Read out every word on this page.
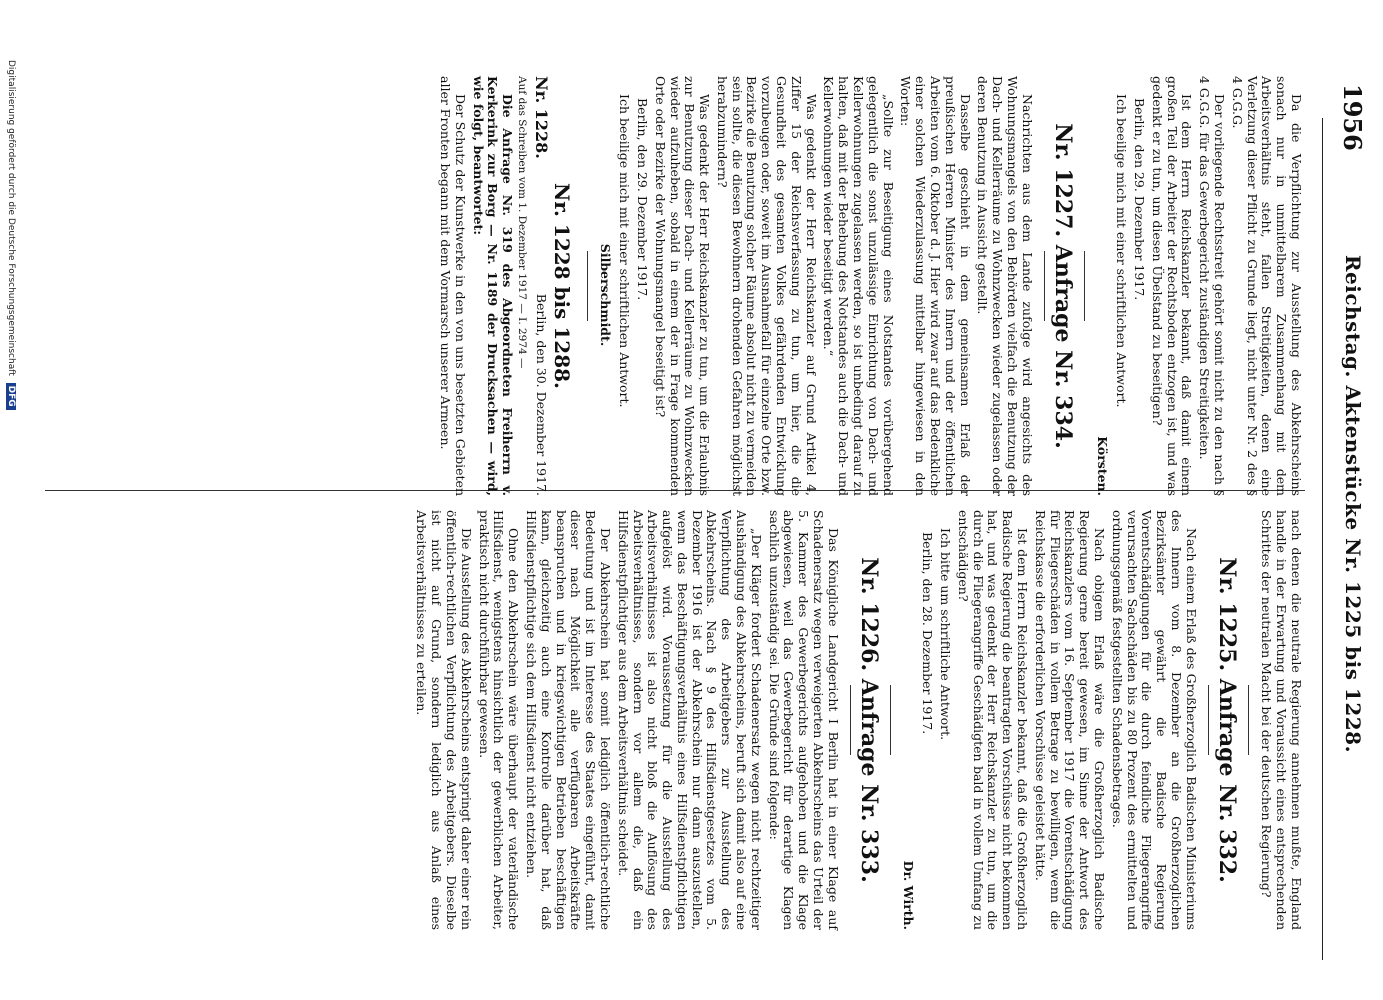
1956
Reichstag. Aktenstücke Nr. 1225 bis 1228.

Da die Verpflichtung zur Ausstellung des Abkehrscheins sonach nur in unmittelbarem Zusammenhang mit dem Arbeitsverhältnis steht, fallen Streitigkeiten, denen eine Verletzung dieser Pflicht zu Grunde liegt, nicht unter Nr. 2 des § 4 G.G.G.

Der vorliegende Rechtsstreit gehört somit nicht zu den nach § 4 G.G.G. für das Gewerbegericht zuständigen Streitigkeiten.

Ist dem Herrn Reichskanzler bekannt, daß damit einem großen Teil der Arbeiter der Rechtsboden entzogen ist, und was gedenkt er zu tun, um diesen Übelstand zu beseitigen?

Berlin, den 29. Dezember 1917.

Ich beeilige mich mit einer schriftlichen Antwort.

Körsten.

Nr. 1227. Anfrage Nr. 334.

Nachrichten aus dem Lande zufolge wird angesichts des Wohnungsmangels von den Behörden vielfach die Benutzung der Dach- und Kellerräume zu Wohnzwecken wieder zugelassen oder deren Benutzung in Aussicht gestellt.

Dasselbe geschieht in dem gemeinsamen Erlaß der preußischen Herren Minister des Innern und der öffentlichen Arbeiten vom 6. Oktober d. J. Hier wird zwar auf das Bedenkliche einer solchen Wiederzulassung mittelbar hingewiesen in den Worten:

„Sollte zur Beseitigung eines Notstandes vorübergehend gelegentlich die sonst unzulässige Einrichtung von Dach- und Kellerwohnungen zugelassen werden, so ist unbedingt darauf zu halten, daß mit der Behebung des Notstandes auch die Dach- und Kellerwohnungen wieder beseitigt werden.“

Was gedenkt der Herr Reichskanzler auf Grund Artikel 4, Ziffer 15 der Reichsverfassung zu tun, um hier, die die Gesundheit des gesamten Volkes gefährdenden Entwicklung vorzubeugen oder, soweit im Ausnahmefall für einzelne Orte bzw. Bezirke die Benutzung solcher Räume absolut nicht zu vermeiden sein sollte, die diesen Bewohnern drohenden Gefahren möglichst herabzumindern?

Was gedenkt der Herr Reichskanzler zu tun, um die Erlaubnis zur Benutzung dieser Dach- und Kellerräume zu Wohnzwecken wieder aufzuheben, sobald in einem der in Frage kommenden Orte oder Bezirke der Wohnungsmangel beseitigt ist?

Berlin, den 29. Dezember 1917.

Ich beeilige mich mit einer schriftlichen Antwort.

Silberschmidt.

Nr. 1228 bis 1288.

Nr. 1228.
Berlin, den 30. Dezember 1917.

Auf das Schreiben vom 1. Dezember 1917 — I. 2974 —

Die Anfrage Nr. 319 des Abgeordneten Freiherrn v. Kerkerink zur Borg — Nr. 1189 der Drucksachen — wird, wie folgt, beantwortet:

Der Schutz der Kunstwerke in den von uns besetzten Gebieten aller Fronten begann mit dem Vormarsch unserer Armeen.

nach denen die neutrale Regierung annehmen mußte, England handle in der Erwartung und Voraussicht eines entsprechenden Schrittes der neutralen Macht bei der deutschen Regierung?

Nr. 1225. Anfrage Nr. 332.

Nach einem Erlaß des Großherzoglich Badischen Ministeriums des Innern vom 8. Dezember an die Großherzoglichen Bezirksämter gewährt die Badische Regierung Vorentschädigungen für die durch feindliche Fliegerangriffe verursachten Sachschäden bis zu 80 Prozent des ermittelten und ordnungsgemäß festgestellten Schadensbetrages.

Nach obigem Erlaß wäre die Großherzoglich Badische Regierung gerne bereit gewesen, im Sinne der Antwort des Reichskanzlers vom 16. September 1917 die Vorentschädigung für Fliegerschäden in vollem Betrage zu bewilligen, wenn die Reichskasse die erforderlichen Vorschüsse geleistet hätte.

Ist dem Herrn Reichskanzler bekannt, daß die Großherzoglich Badische Regierung die beantragten Vorschüsse nicht bekommen hat, und was gedenkt der Herr Reichskanzler zu tun, um die durch die Fliegerangriffe Geschädigten bald in vollem Umfang zu entschädigen?

Ich bitte um schriftliche Antwort.

Berlin, den 28. Dezember 1917.

Dr. Wirth.

Nr. 1226. Anfrage Nr. 333.

Das Königliche Landgericht I Berlin hat in einer Klage auf Schadenersatz wegen verweigerten Abkehrscheins das Urteil der 5. Kammer des Gewerbegerichts aufgehoben und die Klage abgewiesen, weil das Gewerbegericht für derartige Klagen sachlich unzuständig sei. Die Gründe sind folgende:

„Der Kläger fordert Schadenersatz wegen nicht rechtzeitiger Aushändigung des Abkehrscheins, beruft sich damit also auf eine Verpflichtung des Arbeitgebers zur Ausstellung des Abkehrscheins. Nach § 9 des Hilfsdienstgesetzes vom 5. Dezember 1916 ist der Abkehrschein nur dann auszustellen, wenn das Beschäftigungsverhältnis eines Hilfsdienstpflichtigen aufgelöst wird. Voraussetzung für die Ausstellung des Arbeitsverhältnisses ist also nicht bloß die Auflösung des Arbeitsverhältnisses, sondern vor allem die, daß ein Hilfsdienstpflichtiger aus dem Arbeitsverhältnis scheidet.

Der Abkehrschein hat somit lediglich öffentlich-rechtliche Bedeutung und ist im Interesse des Staates eingeführt, damit dieser nach Möglichkeit alle verfügbaren Arbeitskräfte beanspruchen und in kriegswichtigen Betrieben beschäftigen kann, gleichzeitig auch eine Kontrolle darüber hat, daß Hilfsdienstpflichtige sich dem Hilfsdienst nicht entziehen.

Ohne den Abkehrschein wäre überhaupt der vaterländische Hilfsdienst, wenigstens hinsichtlich der gewerblichen Arbeiter, praktisch nicht durchführbar gewesen.

Die Ausstellung des Abkehrscheins entspringt daher einer rein öffentlich-rechtlichen Verpflichtung des Arbeitgebers. Dieselbe ist nicht auf Grund, sondern lediglich aus Anlaß eines Arbeitsverhältnisses zu erteilen.

Digitalisierung gefördert durch die Deutsche Forschungsgemeinschaft DFG
